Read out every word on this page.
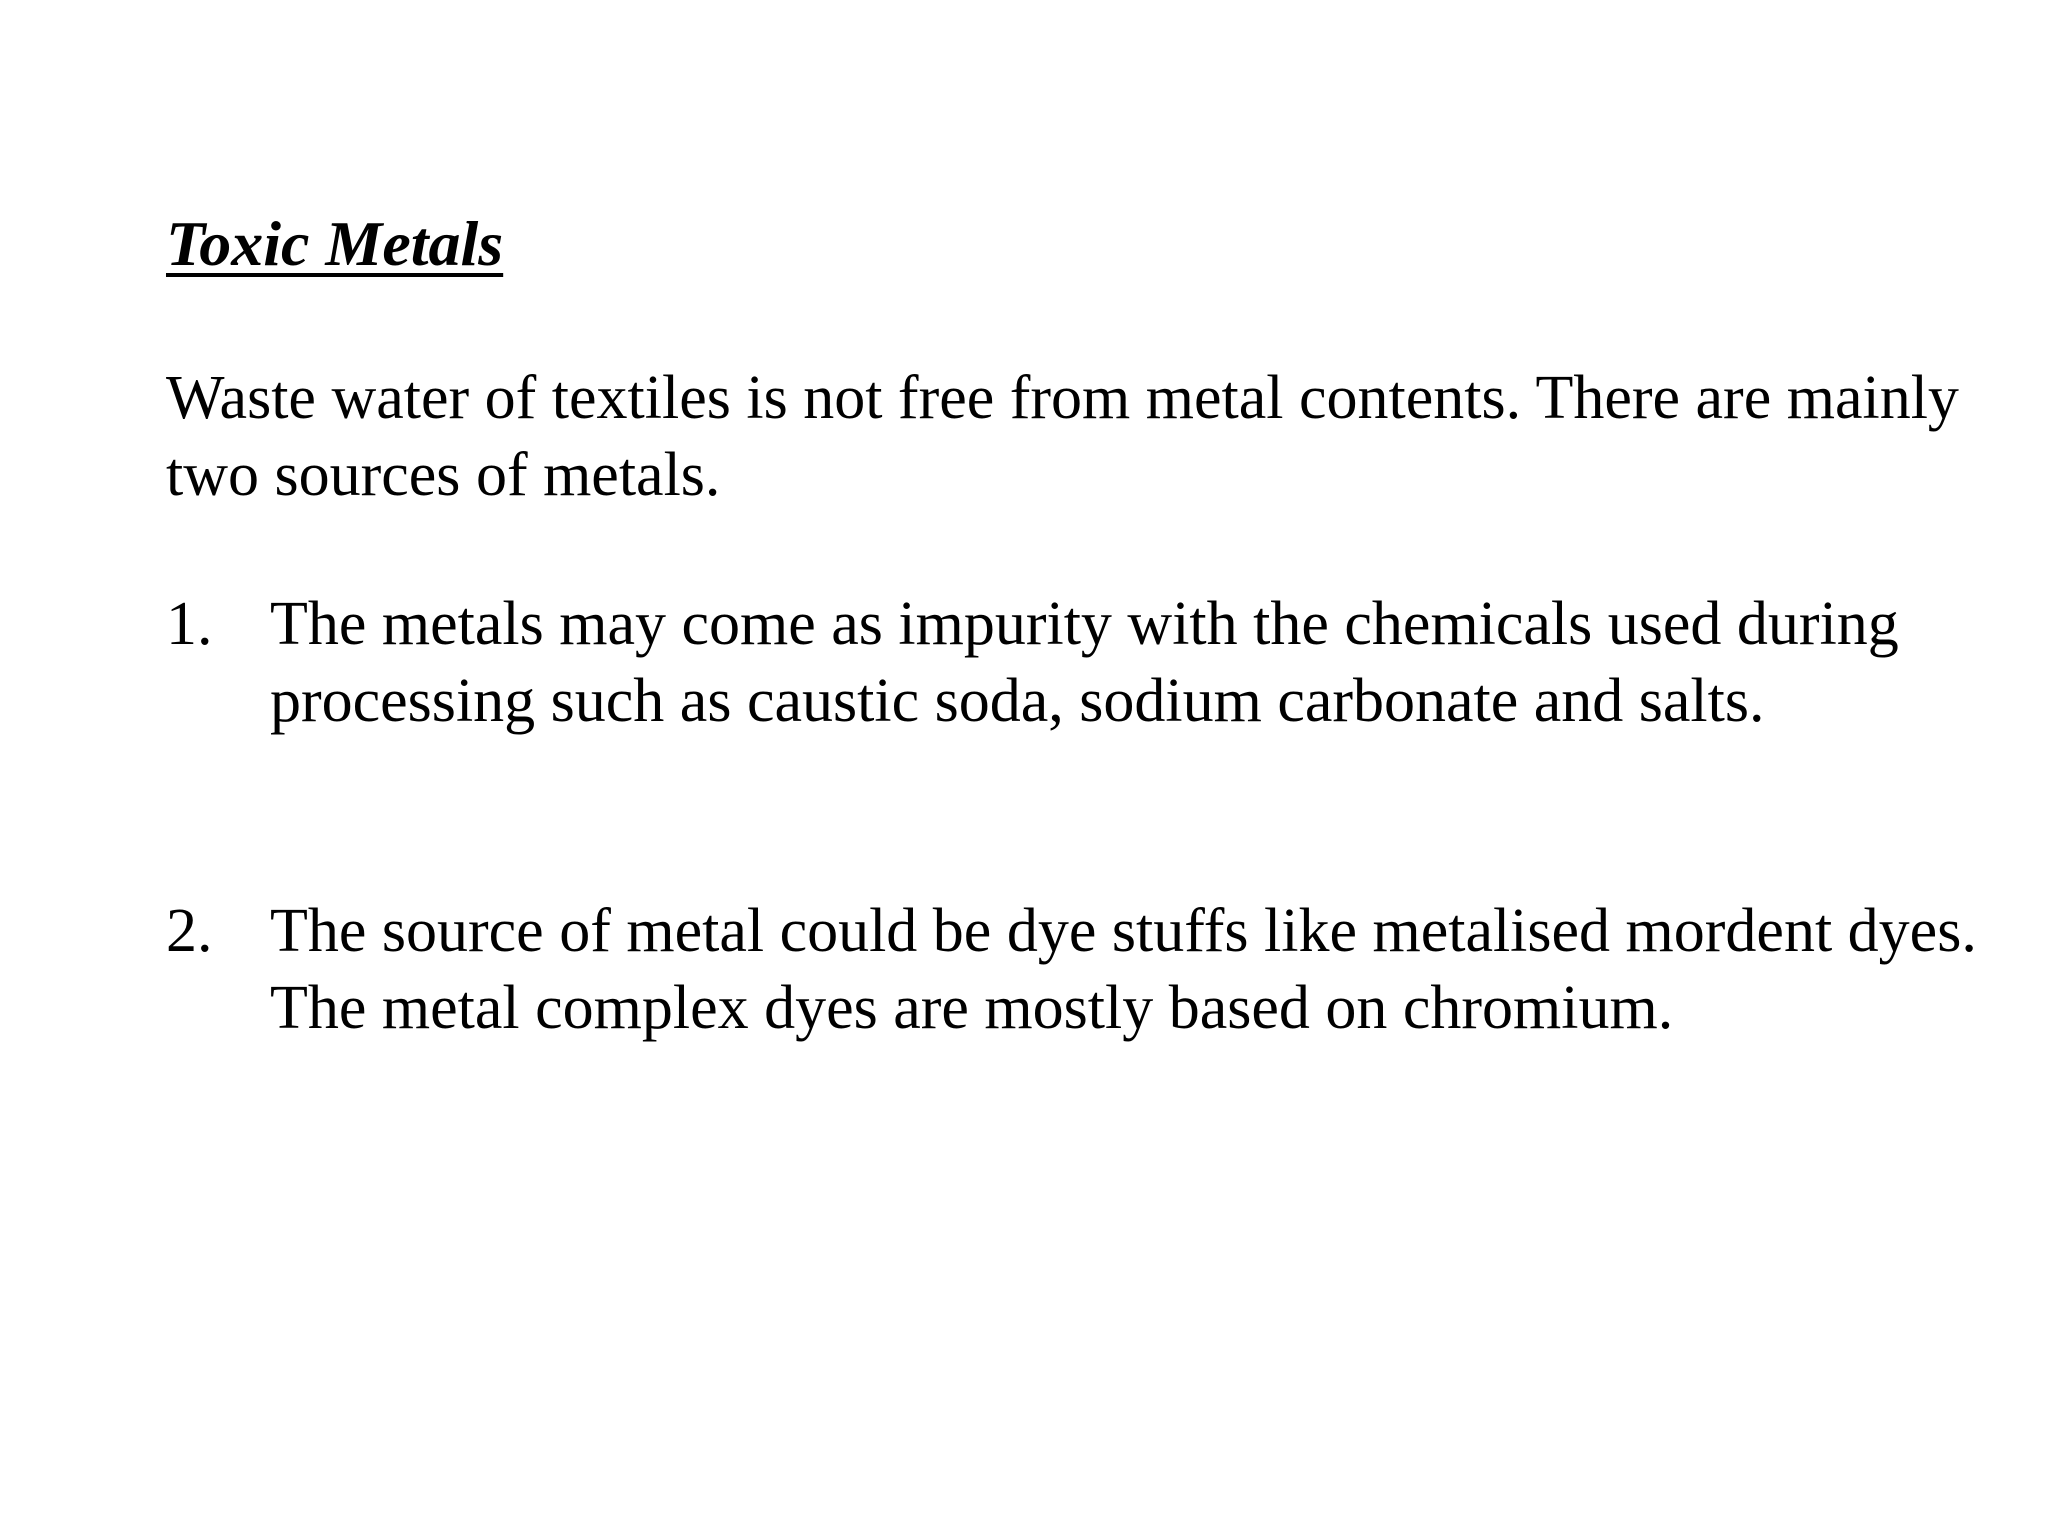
Toxic Metals

Waste water of textiles is not free from metal contents. There are mainly two sources of metals.

1. The metals may come as impurity with the chemicals used during processing such as caustic soda, sodium carbonate and salts.
2. The source of metal could be dye stuffs like metalised mordent dyes. The metal complex dyes are mostly based on chromium.
